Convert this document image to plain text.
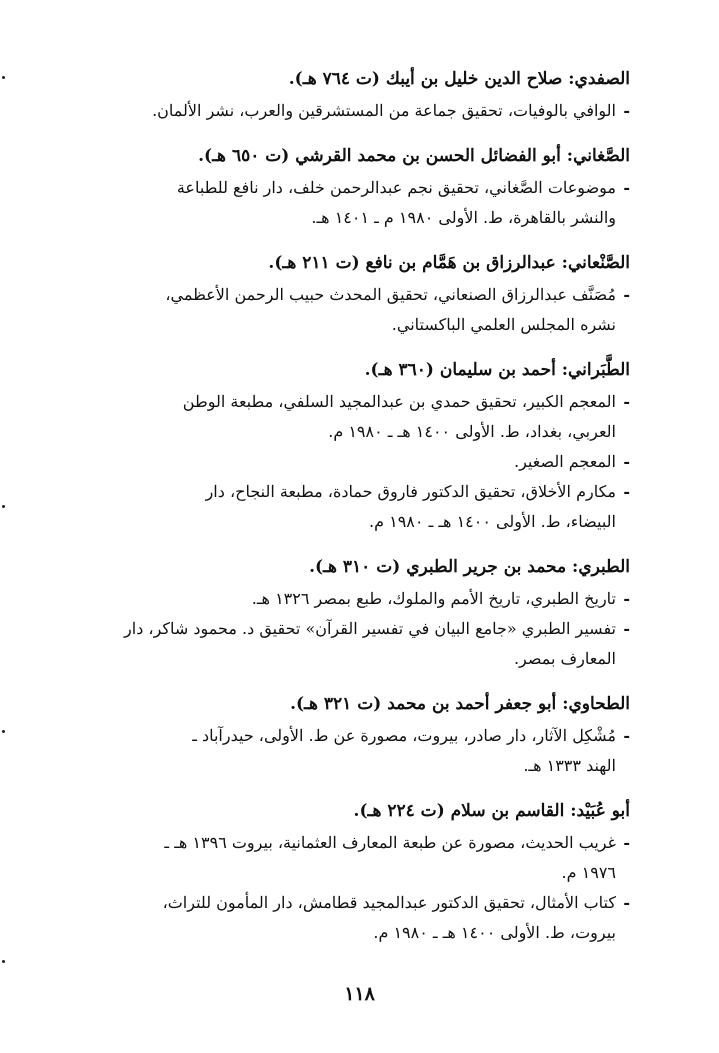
الصفدي: صلاح الدين خليل بن أيبك (ت ٧٦٤ هـ).
- الوافي بالوفيات، تحقيق جماعة من المستشرقين والعرب، نشر الألمان.
الصَّغاني: أبو الفضائل الحسن بن محمد القرشي (ت ٦٥٠ هـ).
- موضوعات الصَّغاني، تحقيق نجم عبدالرحمن خلف، دار نافع للطباعة
والنشر بالقاهرة، ط. الأولى ١٩٨٠ م ـ ١٤٠١ هـ.
الصَّنْعاني: عبدالرزاق بن هَمَّام بن نافع (ت ٢١١ هـ).
- مُصَنَّف عبدالرزاق الصنعاني، تحقيق المحدث حبيب الرحمن الأعظمي،
نشره المجلس العلمي الباكستاني.
الطَّبَراني: أحمد بن سليمان (٣٦٠ هـ).
- المعجم الكبير، تحقيق حمدي بن عبدالمجيد السلفي، مطبعة الوطن
العربي، بغداد، ط. الأولى ١٤٠٠ هـ ـ ١٩٨٠ م.
- المعجم الصغير.
- مكارم الأخلاق، تحقيق الدكتور فاروق حمادة، مطبعة النجاح، دار
البيضاء، ط. الأولى ١٤٠٠ هـ ـ ١٩٨٠ م.
الطبري: محمد بن جرير الطبري (ت ٣١٠ هـ).
- تاريخ الطبري، تاريخ الأمم والملوك، طبع بمصر ١٣٢٦ هـ.
- تفسير الطبري «جامع البيان في تفسير القرآن» تحقيق د. محمود شاكر، دار
المعارف بمصر.
الطحاوي: أبو جعفر أحمد بن محمد (ت ٣٢١ هـ).
- مُشْكِل الآثار، دار صادر، بيروت، مصورة عن ط. الأولى، حيدرآباد ـ
الهند ١٣٣٣ هـ.
أبو عُبَيْد: القاسم بن سلام (ت ٢٢٤ هـ).
- غريب الحديث، مصورة عن طبعة المعارف العثمانية، بيروت ١٣٩٦ هـ ـ
١٩٧٦ م.
- كتاب الأمثال، تحقيق الدكتور عبدالمجيد قطامش، دار المأمون للتراث،
بيروت، ط. الأولى ١٤٠٠ هـ ـ ١٩٨٠ م.
١١٨
